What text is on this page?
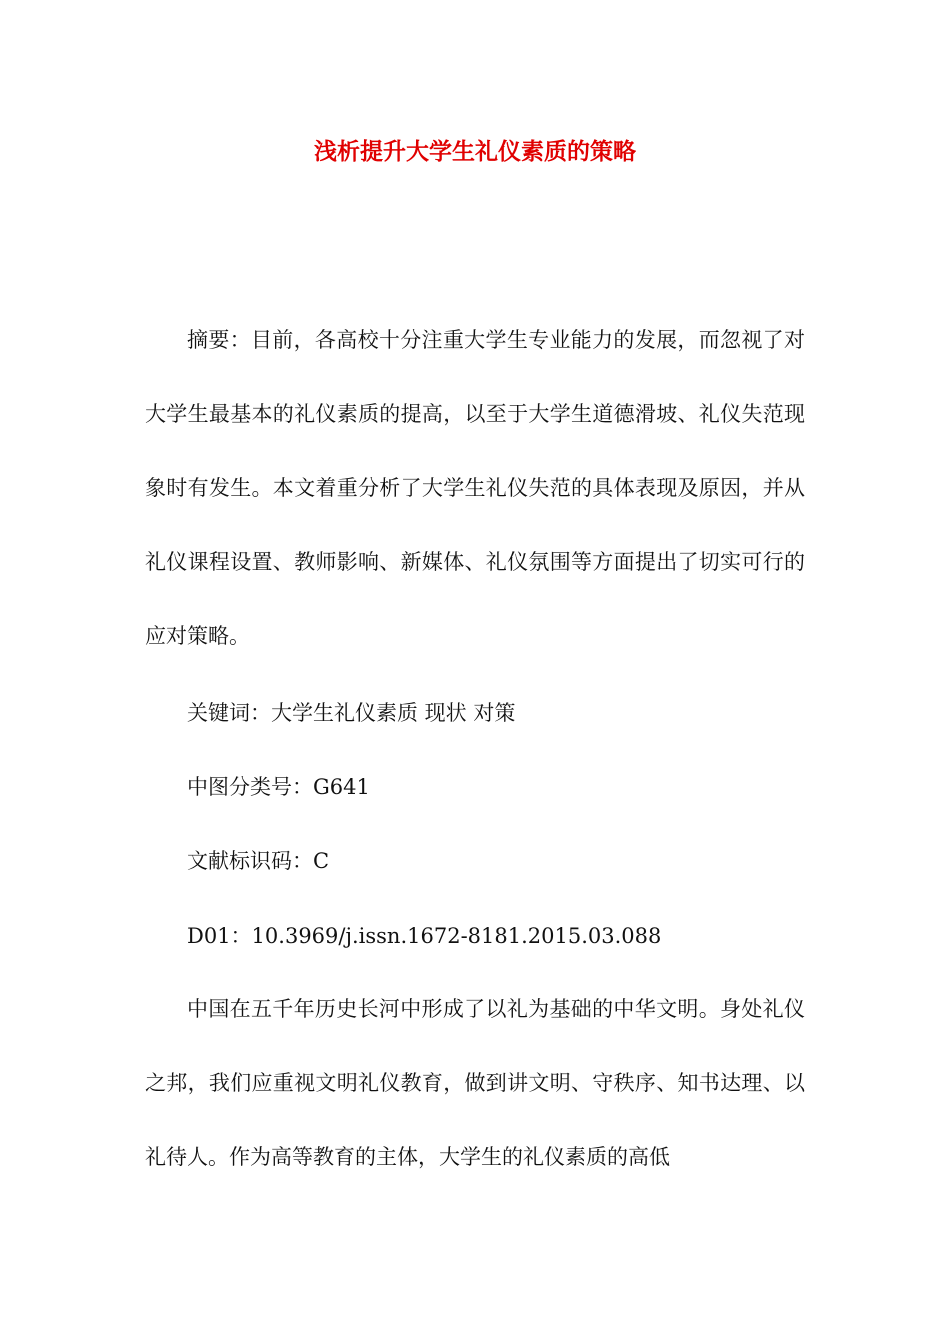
浅析提升大学生礼仪素质的策略

摘要：目前，各高校十分注重大学生专业能力的发展，而忽视了对大学生最基本的礼仪素质的提高，以至于大学生道德滑坡、礼仪失范现象时有发生。本文着重分析了大学生礼仪失范的具体表现及原因，并从礼仪课程设置、教师影响、新媒体、礼仪氛围等方面提出了切实可行的应对策略。

关键词：大学生礼仪素质 现状 对策

中图分类号：G641

文献标识码：C

D01：10.3969/j.issn.1672-8181.2015.03.088

中国在五千年历史长河中形成了以礼为基础的中华文明。身处礼仪之邦，我们应重视文明礼仪教育，做到讲文明、守秩序、知书达理、以礼待人。作为高等教育的主体，大学生的礼仪素质的高低
